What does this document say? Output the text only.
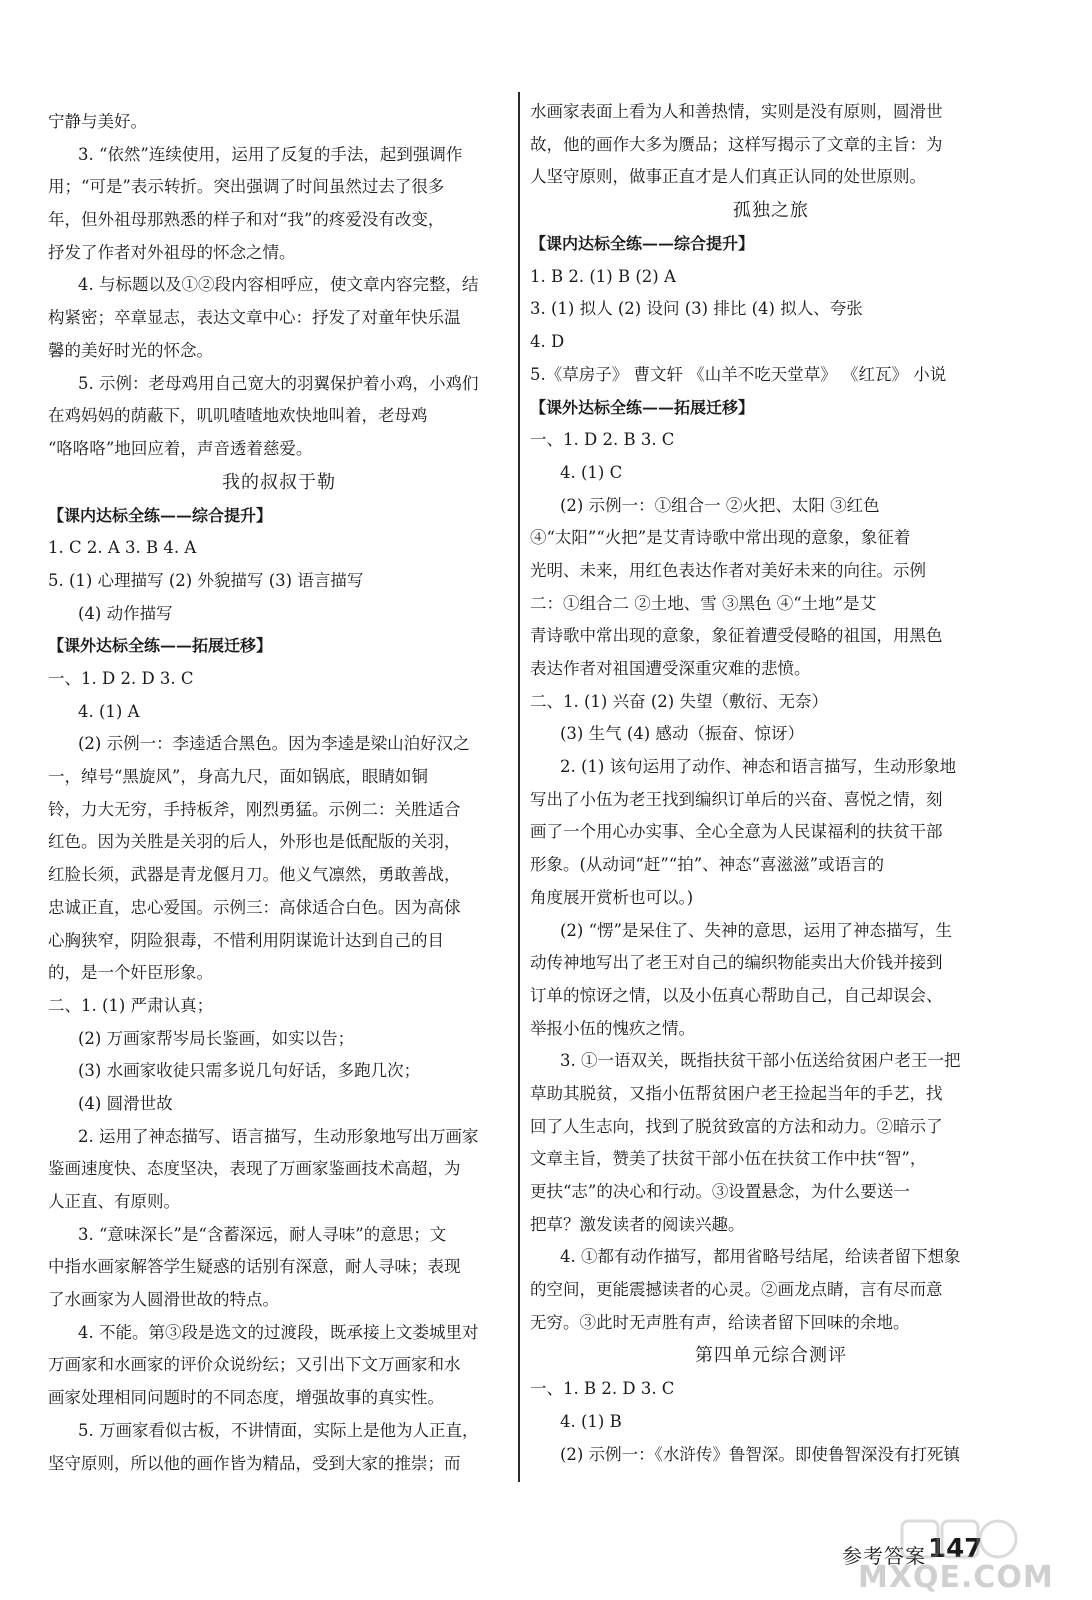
宁静与美好。
3. “依然”连续使用，运用了反复的手法，起到强调作
用；“可是”表示转折。突出强调了时间虽然过去了很多
年，但外祖母那熟悉的样子和对“我”的疼爱没有改变，
抒发了作者对外祖母的怀念之情。
4. 与标题以及①②段内容相呼应，使文章内容完整，结
构紧密；卒章显志，表达文章中心：抒发了对童年快乐温
馨的美好时光的怀念。
5. 示例：老母鸡用自己宽大的羽翼保护着小鸡，小鸡们
在鸡妈妈的荫蔽下，叽叽喳喳地欢快地叫着，老母鸡
“咯咯咯”地回应着，声音透着慈爱。
我的叔叔于勒
【课内达标全练——综合提升】
1. C 2. A 3. B 4. A
5. (1) 心理描写 (2) 外貌描写 (3) 语言描写
(4) 动作描写
【课外达标全练——拓展迁移】
一、1. D 2. D 3. C
4. (1) A
(2) 示例一：李逵适合黑色。因为李逵是梁山泊好汉之
一，绰号“黑旋风”，身高九尺，面如锅底，眼睛如铜
铃，力大无穷，手持板斧，刚烈勇猛。示例二：关胜适合
红色。因为关胜是关羽的后人，外形也是低配版的关羽，
红脸长须，武器是青龙偃月刀。他义气凛然，勇敢善战，
忠诚正直，忠心爱国。示例三：高俅适合白色。因为高俅
心胸狭窄，阴险狠毒，不惜利用阴谋诡计达到自己的目
的，是一个奸臣形象。
二、1. (1) 严肃认真；
(2) 万画家帮岑局长鉴画，如实以告；
(3) 水画家收徒只需多说几句好话，多跑几次；
(4) 圆滑世故
2. 运用了神态描写、语言描写，生动形象地写出万画家
鉴画速度快、态度坚决，表现了万画家鉴画技术高超，为
人正直、有原则。
3. “意味深长”是“含蓄深远，耐人寻味”的意思；文
中指水画家解答学生疑惑的话别有深意，耐人寻味；表现
了水画家为人圆滑世故的特点。
4. 不能。第③段是选文的过渡段，既承接上文娄城里对
万画家和水画家的评价众说纷纭；又引出下文万画家和水
画家处理相同问题时的不同态度，增强故事的真实性。
5. 万画家看似古板，不讲情面，实际上是他为人正直，
坚守原则，所以他的画作皆为精品，受到大家的推崇；而
水画家表面上看为人和善热情，实则是没有原则，圆滑世
故，他的画作大多为赝品；这样写揭示了文章的主旨：为
人坚守原则，做事正直才是人们真正认同的处世原则。
孤独之旅
【课内达标全练——综合提升】
1. B 2. (1) B (2) A
3. (1) 拟人 (2) 设问 (3) 排比 (4) 拟人、夸张
4. D
5.《草房子》 曹文轩 《山羊不吃天堂草》 《红瓦》 小说
【课外达标全练——拓展迁移】
一、1. D 2. B 3. C
4. (1) C
(2) 示例一：①组合一 ②火把、太阳 ③红色
④“太阳”“火把”是艾青诗歌中常出现的意象，象征着
光明、未来，用红色表达作者对美好未来的向往。示例
二：①组合二 ②土地、雪 ③黑色 ④“土地”是艾
青诗歌中常出现的意象，象征着遭受侵略的祖国，用黑色
表达作者对祖国遭受深重灾难的悲愤。
二、1. (1) 兴奋 (2) 失望（敷衍、无奈）
(3) 生气 (4) 感动（振奋、惊讶）
2. (1) 该句运用了动作、神态和语言描写，生动形象地
写出了小伍为老王找到编织订单后的兴奋、喜悦之情，刻
画了一个用心办实事、全心全意为人民谋福利的扶贫干部
形象。(从动词“赶”“拍”、神态“喜滋滋”或语言的
角度展开赏析也可以。)
(2) “愣”是呆住了、失神的意思，运用了神态描写，生
动传神地写出了老王对自己的编织物能卖出大价钱并接到
订单的惊讶之情，以及小伍真心帮助自己，自己却误会、
举报小伍的愧疚之情。
3. ①一语双关，既指扶贫干部小伍送给贫困户老王一把
草助其脱贫，又指小伍帮贫困户老王捡起当年的手艺，找
回了人生志向，找到了脱贫致富的方法和动力。②暗示了
文章主旨，赞美了扶贫干部小伍在扶贫工作中扶“智”，
更扶“志”的决心和行动。③设置悬念，为什么要送一
把草？激发读者的阅读兴趣。
4. ①都有动作描写，都用省略号结尾，给读者留下想象
的空间，更能震撼读者的心灵。②画龙点睛，言有尽而意
无穷。③此时无声胜有声，给读者留下回味的余地。
第四单元综合测评
一、1. B 2. D 3. C
4. (1) B
(2) 示例一：《水浒传》鲁智深。即使鲁智深没有打死镇
参考答案 147
MXQE.COM
